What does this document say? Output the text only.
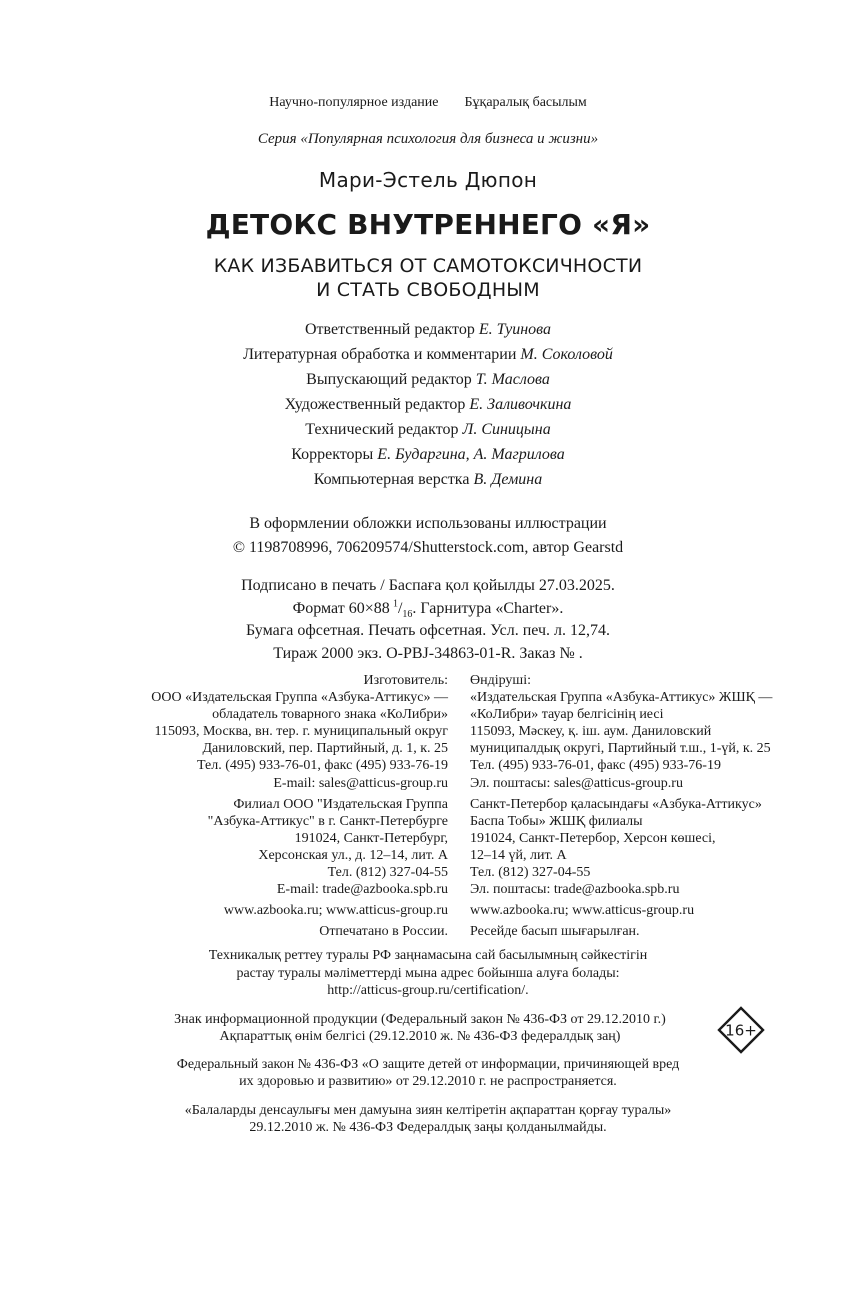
Научно-популярное издание Бұқаралық басылым
Серия «Популярная психология для бизнеса и жизни»
Мари-Эстель Дюпон
ДЕТОКС ВНУТРЕННЕГО «Я»
КАК ИЗБАВИТЬСЯ ОТ САМОТОКСИЧНОСТИ
И СТАТЬ СВОБОДНЫМ
Ответственный редактор Е. Туинова
Литературная обработка и комментарии М. Соколовой
Выпускающий редактор Т. Маслова
Художественный редактор Е. Заливочкина
Технический редактор Л. Синицына
Корректоры Е. Бударгина, А. Магрилова
Компьютерная верстка В. Демина
В оформлении обложки использованы иллюстрации
© 1198708996, 706209574/Shutterstock.com, автор Gearstd
Подписано в печать / Баспаға қол қойылды 27.03.2025.
Формат 60×88  $^1/_{16}$. Гарнитура «Charter».
Бумага офсетная. Печать офсетная. Усл. печ. л. 12,74.
Тираж 2000 экз. О-PBJ-34863-01-R. Заказ № .
Изготовитель:
ООО «Издательская Группа «Азбука-Аттикус» —
обладатель товарного знака «КоЛибри»
115093, Москва, вн. тер. г. муниципальный округ
Даниловский, пер. Партийный, д. 1, к. 25
Тел. (495) 933-76-01, факс (495) 933-76-19
E-mail: sales@atticus-group.ru
Филиал ООО "Издательская Группа
"Азбука-Аттикус" в г. Санкт-Петербурге
191024, Санкт-Петербург,
Херсонская ул., д. 12–14, лит. А
Тел. (812) 327-04-55
E-mail: trade@azbooka.spb.ru
www.azbooka.ru; www.atticus-group.ru
Отпечатано в России.
Өндіруші:
«Издательская Группа «Азбука-Аттикус» ЖШҚ —
«КоЛибри» тауар белгісінің иесі
115093, Мәскеу, қ. іш. аум. Даниловский
муниципалдық округі, Партийный т.ш., 1-үй, к. 25
Тел. (495) 933-76-01, факс (495) 933-76-19
Эл. поштасы: sales@atticus-group.ru
Санкт-Петербор қаласындағы «Азбука-Аттикус»
Баспа Тобы» ЖШҚ филиалы
191024, Санкт-Петербор, Херсон көшесі,
12–14 үй, лит. А
Тел. (812) 327-04-55
Эл. поштасы: trade@azbooka.spb.ru
www.azbooka.ru; www.atticus-group.ru
Ресейде басып шығарылған.
Техникалық реттеу туралы РФ заңнамасына сай басылымның сәйкестігін
растау туралы мәліметтерді мына адрес бойынша алуға болады:
http://atticus-group.ru/certification/.
Знак информационной продукции (Федеральный закон № 436-ФЗ от 29.12.2010 г.)
Ақпараттық өнім белгісі (29.12.2010 ж. № 436-ФЗ федералдық заң)	16+
Федеральный закон № 436-ФЗ «О защите детей от информации, причиняющей вред
их здоровью и развитию» от 29.12.2010 г. не распространяется.
«Балаларды денсаулығы мен дамуына зиян келтіретін ақпараттан қорғау туралы»
29.12.2010 ж. № 436-ФЗ Федералдық заңы қолданылмайды.
